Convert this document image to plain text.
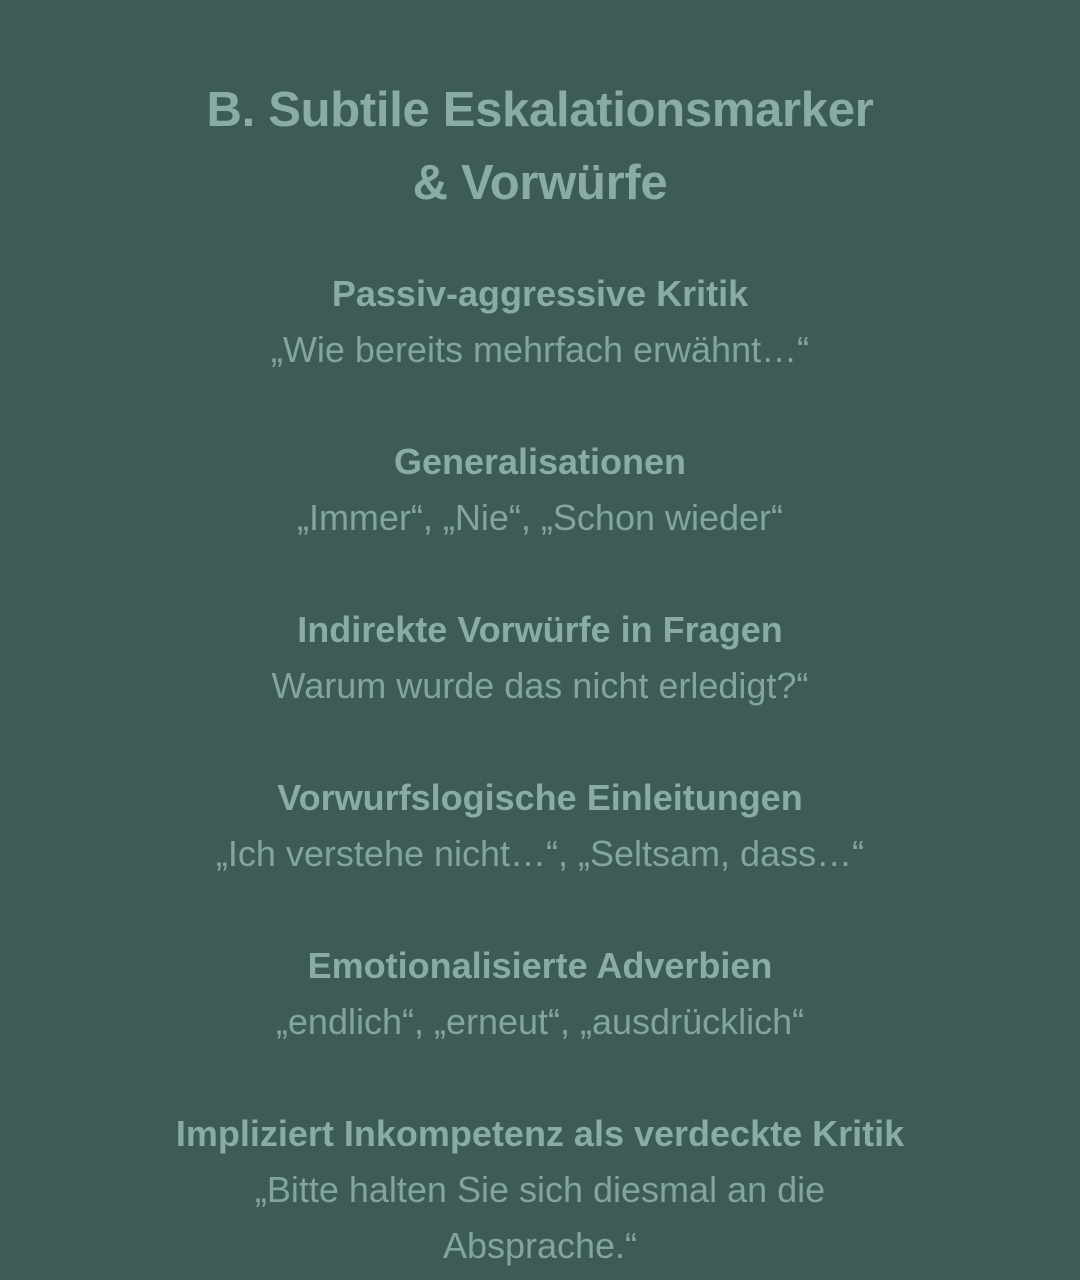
B. Subtile Eskalationsmarker
& Vorwürfe
Passiv-aggressive Kritik
„Wie bereits mehrfach erwähnt…“
Generalisationen
„Immer“, „Nie“, „Schon wieder“
Indirekte Vorwürfe in Fragen
Warum wurde das nicht erledigt?“
Vorwurfslogische Einleitungen
„Ich verstehe nicht…“, „Seltsam, dass…“
Emotionalisierte Adverbien
„endlich“, „erneut“, „ausdrücklich“
Impliziert Inkompetenz als verdeckte Kritik
„Bitte halten Sie sich diesmal an die Absprache.“
